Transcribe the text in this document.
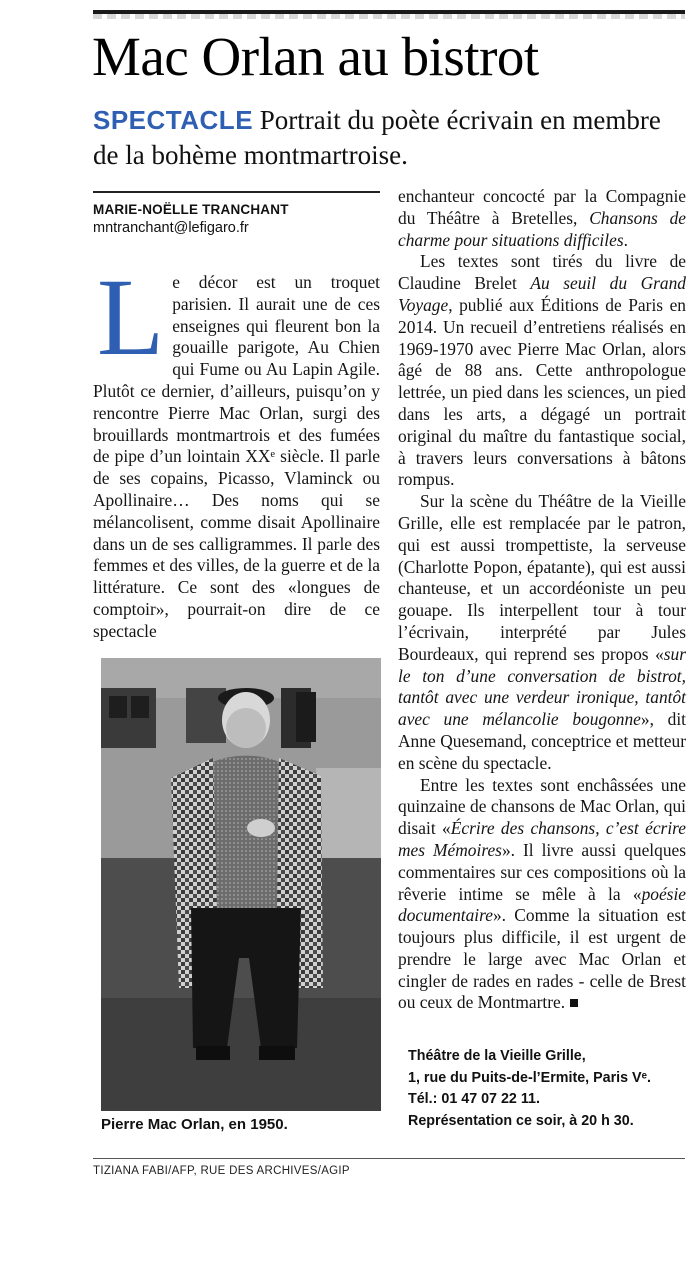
Mac Orlan au bistrot
SPECTACLE Portrait du poète écrivain en membre de la bohème montmartroise.
MARIE-NOËLLE TRANCHANT
mntranchant@lefigaro.fr
L e décor est un troquet parisien. Il aurait une de ces enseignes qui fleurent bon la gouaille parigote, Au Chien qui Fume ou Au Lapin Agile. Plutôt ce dernier, d’ailleurs, puisqu’on y rencontre Pierre Mac Orlan, surgi des brouillards montmartrois et des fumées de pipe d’un lointain XXᵉ siècle. Il parle de ses copains, Picasso, Vlaminck ou Apollinaire… Des noms qui se mélancolisent, comme disait Apollinaire dans un de ses calligrammes. Il parle des femmes et des villes, de la guerre et de la littérature. Ce sont des «longues de comptoir», pourrait-on dire de ce spectacle

Pierre Mac Orlan, en 1950.

enchanteur concocté par la Compagnie du Théâtre à Bretelles, Chansons de charme pour situations difficiles.

Les textes sont tirés du livre de Claudine Brelet Au seuil du Grand Voyage, publié aux Éditions de Paris en 2014. Un recueil d’entretiens réalisés en 1969-1970 avec Pierre Mac Orlan, alors âgé de 88 ans. Cette anthropologue lettrée, un pied dans les sciences, un pied dans les arts, a dégagé un portrait original du maître du fantastique social, à travers leurs conversations à bâtons rompus.

Sur la scène du Théâtre de la Vieille Grille, elle est remplacée par le patron, qui est aussi trompettiste, la serveuse (Charlotte Popon, épatante), qui est aussi chanteuse, et un accordéoniste un peu gouape. Ils interpellent tour à tour l’écrivain, interprété par Jules Bourdeaux, qui reprend ses propos «sur le ton d’une conversation de bistrot, tantôt avec une verdeur ironique, tantôt avec une mélancolie bougonne», dit Anne Quesemand, conceptrice et metteur en scène du spectacle.

Entre les textes sont enchâssées une quinzaine de chansons de Mac Orlan, qui disait «Écrire des chansons, c’est écrire mes Mémoires». Il livre aussi quelques commentaires sur ces compositions où la rêverie intime se mêle à la «poésie documentaire». Comme la situation est toujours plus difficile, il est urgent de prendre le large avec Mac Orlan et cingler de rades en rades - celle de Brest ou ceux de Montmartre.

Théâtre de la Vieille Grille,
1, rue du Puits-de-l’Ermite, Paris Vᵉ.
Tél.: 01 47 07 22 11.
Représentation ce soir, à 20 h 30.
TIZIANA FABI/AFP, RUE DES ARCHIVES/AGIP
